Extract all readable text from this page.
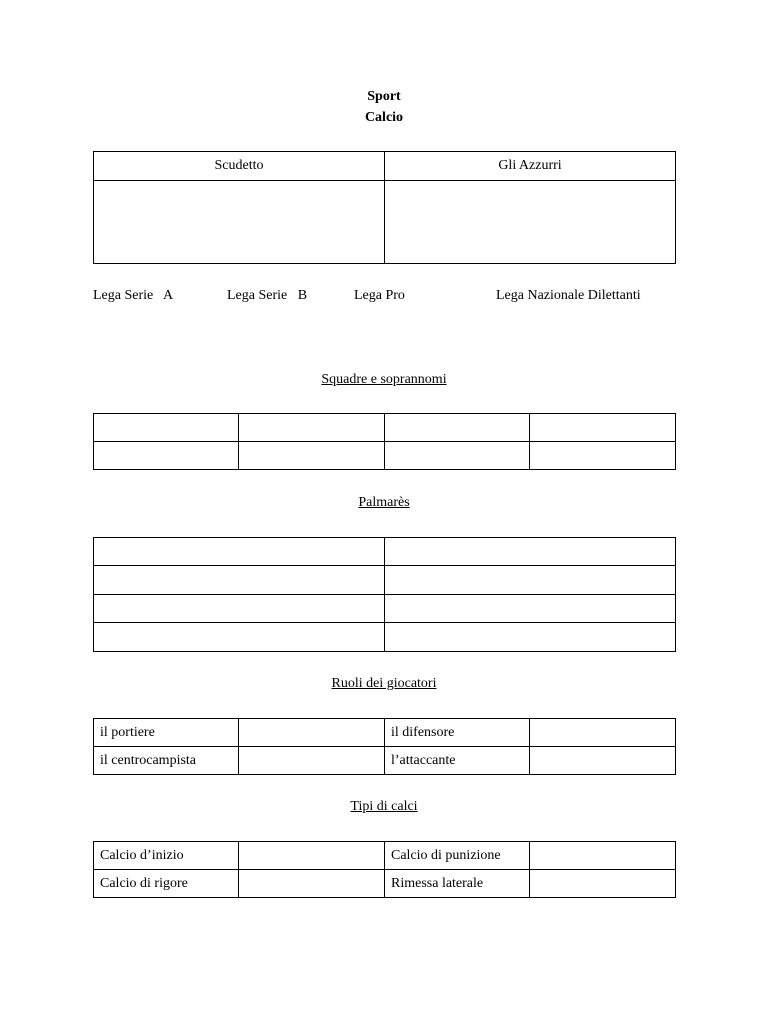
Sport
Calcio
Scudetto	Gli Azzurri

Lega Serie   A	Lega Serie   B	Lega Pro	Lega Nazionale Dilettanti
Squadre e soprannomi

Palmarès

Ruoli dei giocatori
il portiere		il difensore	
il centrocampista		l’attaccante	
Tipi di calci
Calcio d’inizio		Calcio di punizione	
Calcio di rigore		Rimessa laterale	
